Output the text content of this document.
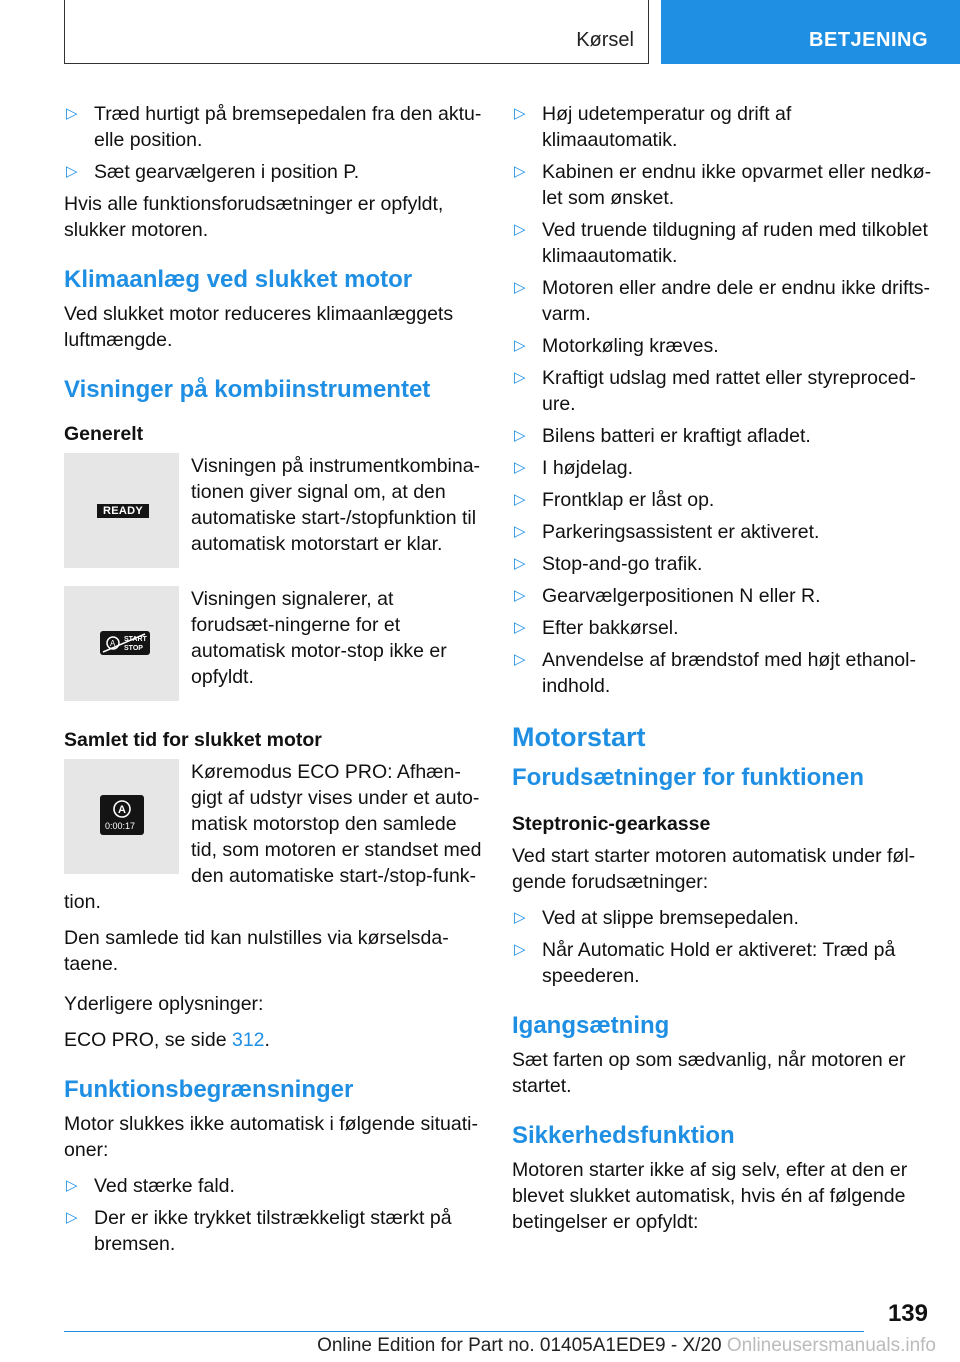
Kørsel	BETJENING
▷ Træd hurtigt på bremsepedalen fra den aktu-elle position.
▷ Sæt gearvælgeren i position P.

Hvis alle funktionsforudsætninger er opfyldt, slukker motoren.

Klimaanlæg ved slukket motor

Ved slukket motor reduceres klimaanlæggets luftmængde.

Visninger på kombiinstrumentet
Generelt
READY
Visningen på instrumentkombina-tionen giver signal om, at den automatiske start-/stopfunktion til automatisk motorstart er klar.
START
STOP
A
Visningen signalerer, at forudsæt-ningerne for et automatisk motor-stop ikke er opfyldt.
Samlet tid for slukket motor
A
0:00:17
Køremodus ECO PRO: Afhæn-gigt af udstyr vises under et auto-matisk motorstop den samlede tid, som motoren er standset med den automatiske start-/stop-funk-

tion.

Den samlede tid kan nulstilles via kørselsda-taene.

Yderligere oplysninger:

ECO PRO, se side 312.

Funktionsbegrænsninger

Motor slukkes ikke automatisk i følgende situati-oner:

▷ Ved stærke fald.
▷ Der er ikke trykket tilstrækkeligt stærkt på bremsen.
▷ Høj udetemperatur og drift af klimaautomatik.
▷ Kabinen er endnu ikke opvarmet eller nedkø-let som ønsket.
▷ Ved truende tildugning af ruden med tilkoblet klimaautomatik.
▷ Motoren eller andre dele er endnu ikke drifts-varm.
▷ Motorkøling kræves.
▷ Kraftigt udslag med rattet eller styreproced-ure.
▷ Bilens batteri er kraftigt afladet.
▷ I højdelag.
▷ Frontklap er låst op.
▷ Parkeringsassistent er aktiveret.
▷ Stop-and-go trafik.
▷ Gearvælgerpositionen N eller R.
▷ Efter bakkørsel.
▷ Anvendelse af brændstof med højt ethanol-indhold.
Motorstart
Forudsætninger for funktionen
Steptronic-gearkasse

Ved start starter motoren automatisk under føl-gende forudsætninger:

▷ Ved at slippe bremsepedalen.
▷ Når Automatic Hold er aktiveret: Træd på speederen.
Igangsætning

Sæt farten op som sædvanlig, når motoren er startet.

Sikkerhedsfunktion

Motoren starter ikke af sig selv, efter at den er blevet slukket automatisk, hvis én af følgende betingelser er opfyldt:

139
Online Edition for Part no. 01405A1EDE9 - X/20 Onlineusersmanuals.info
